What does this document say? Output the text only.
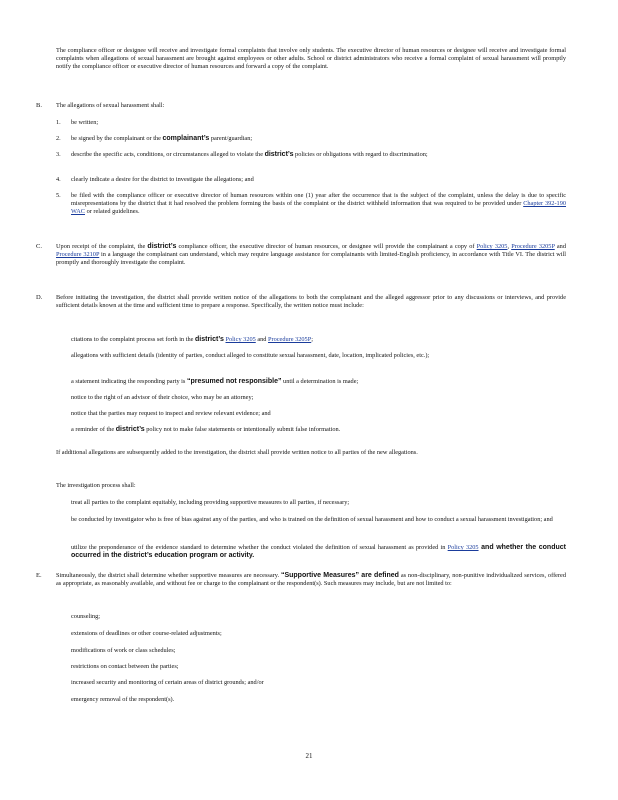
The compliance officer or designee will receive and investigate formal complaints that involve only students. The executive director of human resources or designee will receive and investigate formal complaints when allegations of sexual harassment are brought against employees or other adults. School or district administrators who receive a formal complaint of sexual harassment will promptly notify the compliance officer or executive director of human resources and forward a copy of the complaint.
B.	The allegations of sexual harassment shall:
1.	be written;
2.	be signed by the complainant or the complainant’s parent/guardian;
3.	describe the specific acts, conditions, or circumstances alleged to violate the district’s policies or obligations with regard to discrimination;
4.	clearly indicate a desire for the district to investigate the allegations; and
5.	be filed with the compliance officer or executive director of human resources within one (1) year after the occurrence that is the subject of the complaint, unless the delay is due to specific misrepresentations by the district that it had resolved the problem forming the basis of the complaint or the district withheld information that was required to be provided under Chapter 392-190 WAC or related guidelines.
C.	Upon receipt of the complaint, the district’s compliance officer, the executive director of human resources, or designee will provide the complainant a copy of Policy 3205, Procedure 3205P and Procedure 3210P in a language the complainant can understand, which may require language assistance for complainants with limited-English proficiency, in accordance with Title VI. The district will promptly and thoroughly investigate the complaint.
D.	Before initiating the investigation, the district shall provide written notice of the allegations to both the complainant and the alleged aggressor prior to any discussions or interviews, and provide sufficient details known at the time and sufficient time to prepare a response. Specifically, the written notice must include:
citations to the complaint process set forth in the district’s Policy 3205 and Procedure 3205P;
allegations with sufficient details (identity of parties, conduct alleged to constitute sexual harassment, date, location, implicated policies, etc.);
a statement indicating the responding party is “presumed not responsible” until a determination is made;
notice to the right of an advisor of their choice, who may be an attorney;
notice that the parties may request to inspect and review relevant evidence; and
a reminder of the district’s policy not to make false statements or intentionally submit false information.
If additional allegations are subsequently added to the investigation, the district shall provide written notice to all parties of the new allegations.
The investigation process shall:
treat all parties to the complaint equitably, including providing supportive measures to all parties, if necessary;
be conducted by investigator who is free of bias against any of the parties, and who is trained on the definition of sexual harassment and how to conduct a sexual harassment investigation; and
utilize the preponderance of the evidence standard to determine whether the conduct violated the definition of sexual harassment as provided in Policy 3205 and whether the conduct occurred in the district’s education program or activity.
E.	Simultaneously, the district shall determine whether supportive measures are necessary. “Supportive Measures” are defined as non-disciplinary, non-punitive individualized services, offered as appropriate, as reasonably available, and without fee or charge to the complainant or the respondent(s). Such measures may include, but are not limited to:
counseling;
extensions of deadlines or other course-related adjustments;
modifications of work or class schedules;
restrictions on contact between the parties;
increased security and monitoring of certain areas of district grounds; and/or
emergency removal of the respondent(s).
21
